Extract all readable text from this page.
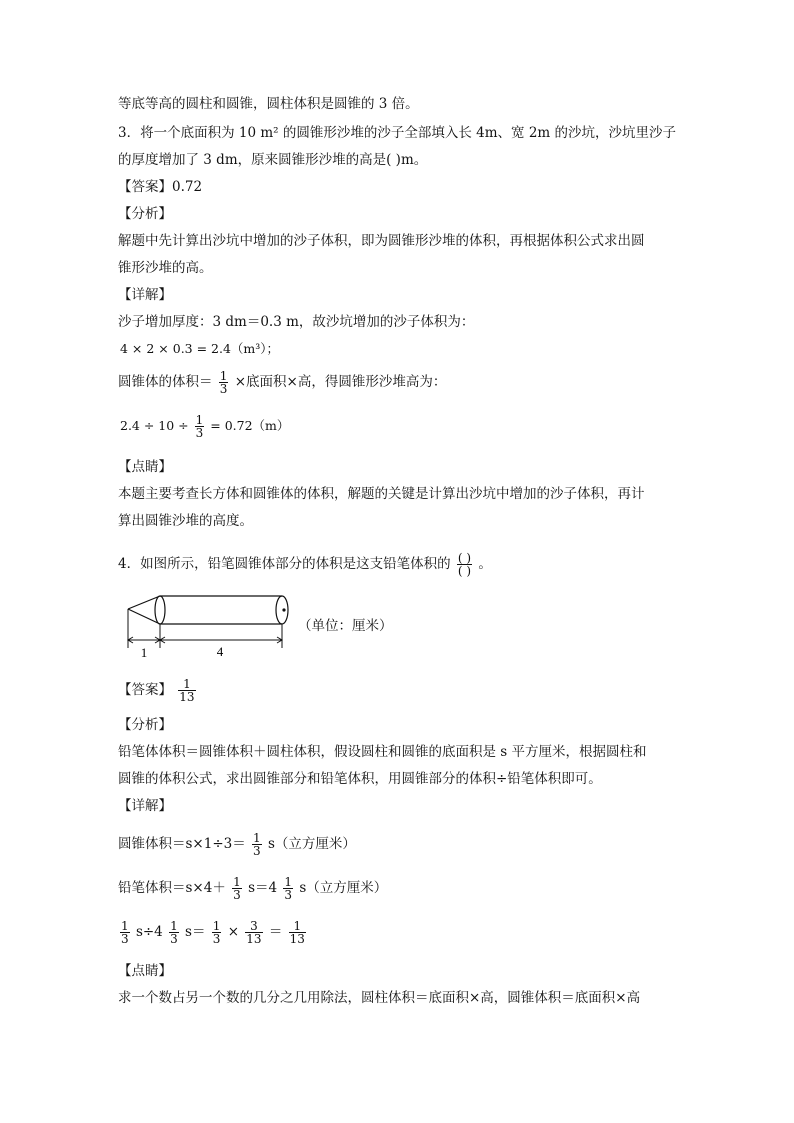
等底等高的圆柱和圆锥，圆柱体积是圆锥的 3 倍。
3．将一个底面积为 10 m² 的圆锥形沙堆的沙子全部填入长 4m、宽 2m 的沙坑，沙坑里沙子
的厚度增加了 3 dm，原来圆锥形沙堆的高是( )m。
【答案】0.72
【分析】
解题中先计算出沙坑中增加的沙子体积，即为圆锥形沙堆的体积，再根据体积公式求出圆
锥形沙堆的高。
【详解】
沙子增加厚度：3 dm＝0.3 m，故沙坑增加的沙子体积为：
4 × 2 × 0.3 = 2.4（m³）；
圆锥体的体积＝ $\frac{1}{3}$ ×底面积×高，得圆锥形沙堆高为：
$2.4 \div 10 \div \frac{1}{3} = 0.72(m)$
【点睛】
本题主要考查长方体和圆锥体的体积，解题的关键是计算出沙坑中增加的沙子体积，再计
算出圆锥沙堆的高度。
4．如图所示，铅笔圆锥体部分的体积是这支铅笔体积的 $\frac{( )}{( )}$ 。
1	4
（单位：厘米）
【答案】 $\frac{1}{13}$
【分析】
铅笔体体积＝圆锥体积＋圆柱体积，假设圆柱和圆锥的底面积是 s 平方厘米，根据圆柱和
圆锥的体积公式，求出圆锥部分和铅笔体积，用圆锥部分的体积÷铅笔体积即可。
【详解】
圆锥体积$=s\times 1\div 3= \frac{1}{3} s$（立方厘米）
铅笔体积$=s\times 4+ \frac{1}{3} s=4 \frac{1}{3} s$（立方厘米）
$\frac{1}{3} s\div 4 \frac{1}{3} s= \frac{1}{3} \times \frac{3}{13} = \frac{1}{13}$
【点睛】
求一个数占另一个数的几分之几用除法，圆柱体积＝底面积×高，圆锥体积＝底面积×高
